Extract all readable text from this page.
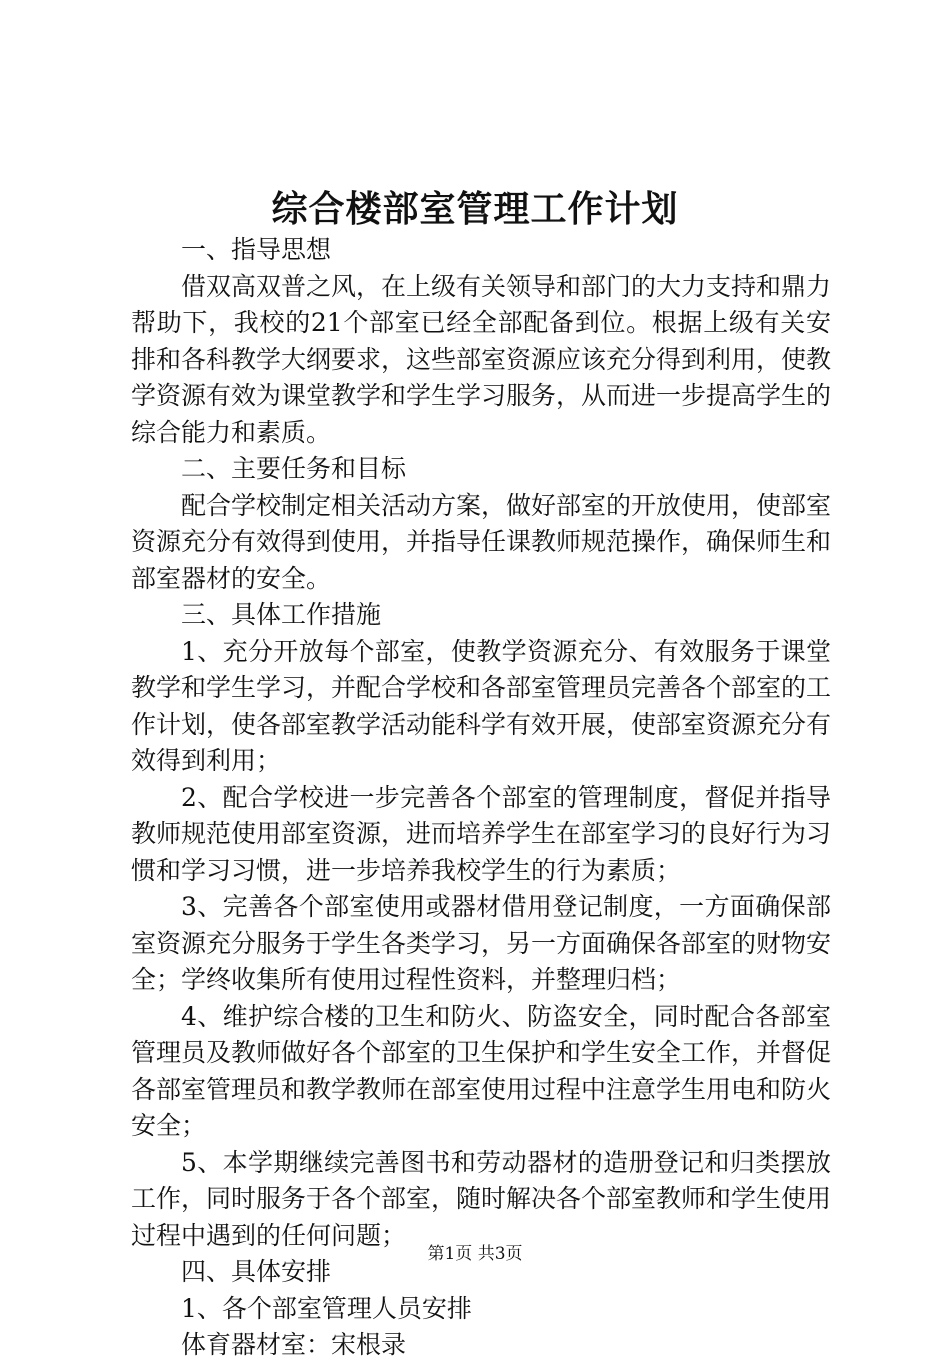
综合楼部室管理工作计划

一、指导思想

借双高双普之风，在上级有关领导和部门的大力支持和鼎力帮助下，我校的21个部室已经全部配备到位。根据上级有关安排和各科教学大纲要求，这些部室资源应该充分得到利用，使教学资源有效为课堂教学和学生学习服务，从而进一步提高学生的综合能力和素质。

二、主要任务和目标

配合学校制定相关活动方案，做好部室的开放使用，使部室资源充分有效得到使用，并指导任课教师规范操作，确保师生和部室器材的安全。

三、具体工作措施

1、充分开放每个部室，使教学资源充分、有效服务于课堂教学和学生学习，并配合学校和各部室管理员完善各个部室的工作计划，使各部室教学活动能科学有效开展，使部室资源充分有效得到利用；

2、配合学校进一步完善各个部室的管理制度，督促并指导教师规范使用部室资源，进而培养学生在部室学习的良好行为习惯和学习习惯，进一步培养我校学生的行为素质；

3、完善各个部室使用或器材借用登记制度，一方面确保部室资源充分服务于学生各类学习，另一方面确保各部室的财物安全；学终收集所有使用过程性资料，并整理归档；

4、维护综合楼的卫生和防火、防盗安全，同时配合各部室管理员及教师做好各个部室的卫生保护和学生安全工作，并督促各部室管理员和教学教师在部室使用过程中注意学生用电和防火安全；

5、本学期继续完善图书和劳动器材的造册登记和归类摆放工作，同时服务于各个部室，随时解决各个部室教师和学生使用过程中遇到的任何问题；

四、具体安排

1、各个部室管理人员安排

体育器材室：宋根录

第1页 共3页
